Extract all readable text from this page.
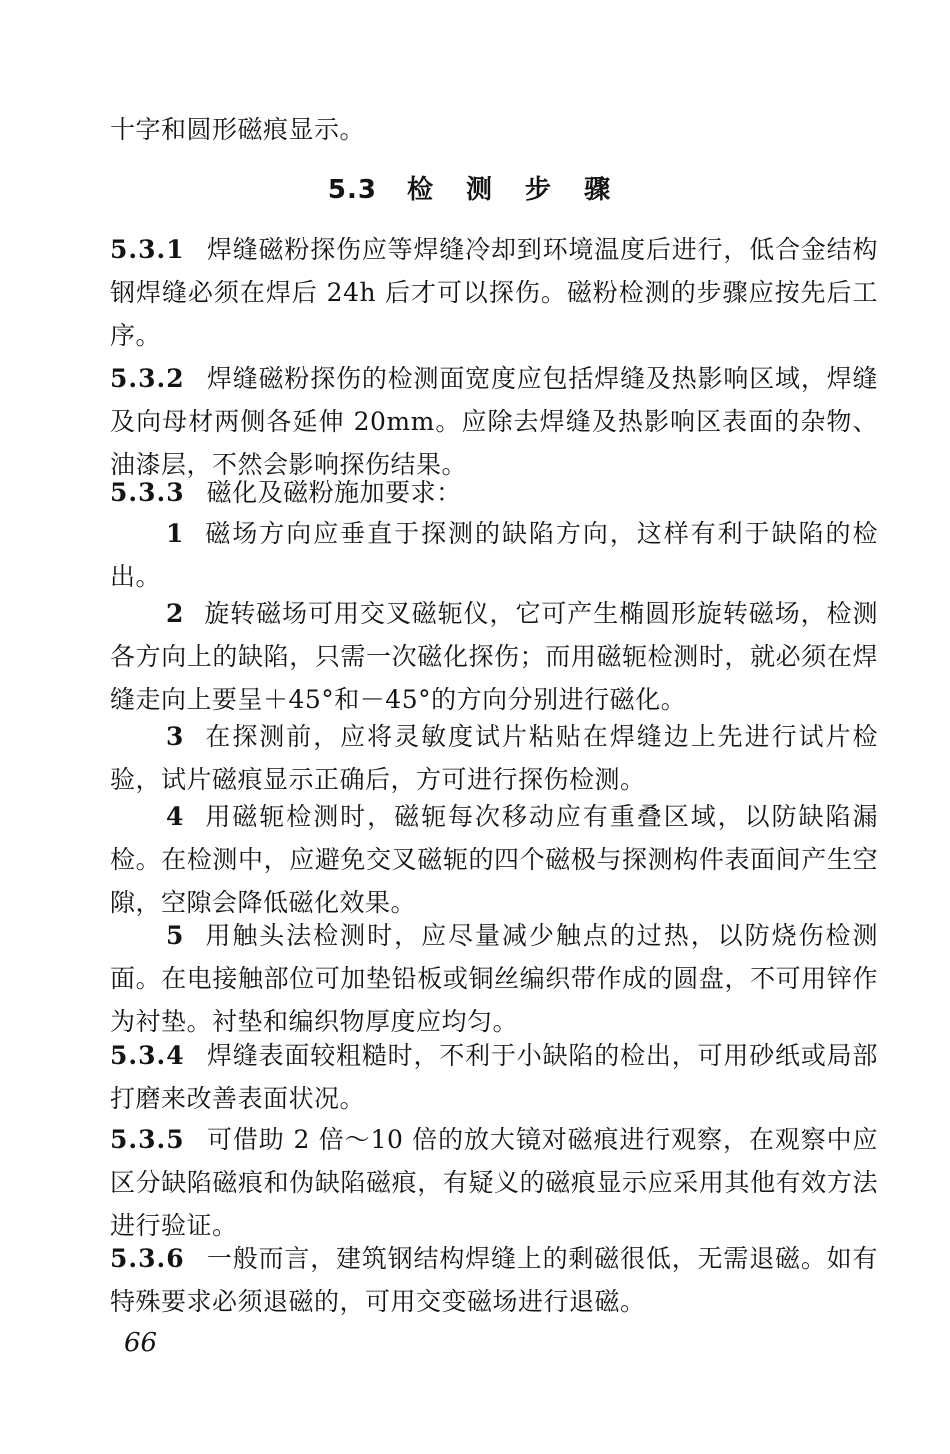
十字和圆形磁痕显示。

5.3 检 测 步 骤

5.3.1 焊缝磁粉探伤应等焊缝冷却到环境温度后进行，低合金结构钢焊缝必须在焊后 24h 后才可以探伤。磁粉检测的步骤应按先后工序。

5.3.2 焊缝磁粉探伤的检测面宽度应包括焊缝及热影响区域，焊缝及向母材两侧各延伸 20mm。应除去焊缝及热影响区表面的杂物、油漆层，不然会影响探伤结果。

5.3.3 磁化及磁粉施加要求：

1 磁场方向应垂直于探测的缺陷方向，这样有利于缺陷的检出。

2 旋转磁场可用交叉磁轭仪，它可产生椭圆形旋转磁场，检测各方向上的缺陷，只需一次磁化探伤；而用磁轭检测时，就必须在焊缝走向上要呈＋45°和－45°的方向分别进行磁化。

3 在探测前，应将灵敏度试片粘贴在焊缝边上先进行试片检验，试片磁痕显示正确后，方可进行探伤检测。

4 用磁轭检测时，磁轭每次移动应有重叠区域，以防缺陷漏检。在检测中，应避免交叉磁轭的四个磁极与探测构件表面间产生空隙，空隙会降低磁化效果。

5 用触头法检测时，应尽量减少触点的过热，以防烧伤检测面。在电接触部位可加垫铅板或铜丝编织带作成的圆盘，不可用锌作为衬垫。衬垫和编织物厚度应均匀。

5.3.4 焊缝表面较粗糙时，不利于小缺陷的检出，可用砂纸或局部打磨来改善表面状况。

5.3.5 可借助 2 倍～10 倍的放大镜对磁痕进行观察，在观察中应区分缺陷磁痕和伪缺陷磁痕，有疑义的磁痕显示应采用其他有效方法进行验证。

5.3.6 一般而言，建筑钢结构焊缝上的剩磁很低，无需退磁。如有特殊要求必须退磁的，可用交变磁场进行退磁。

66
